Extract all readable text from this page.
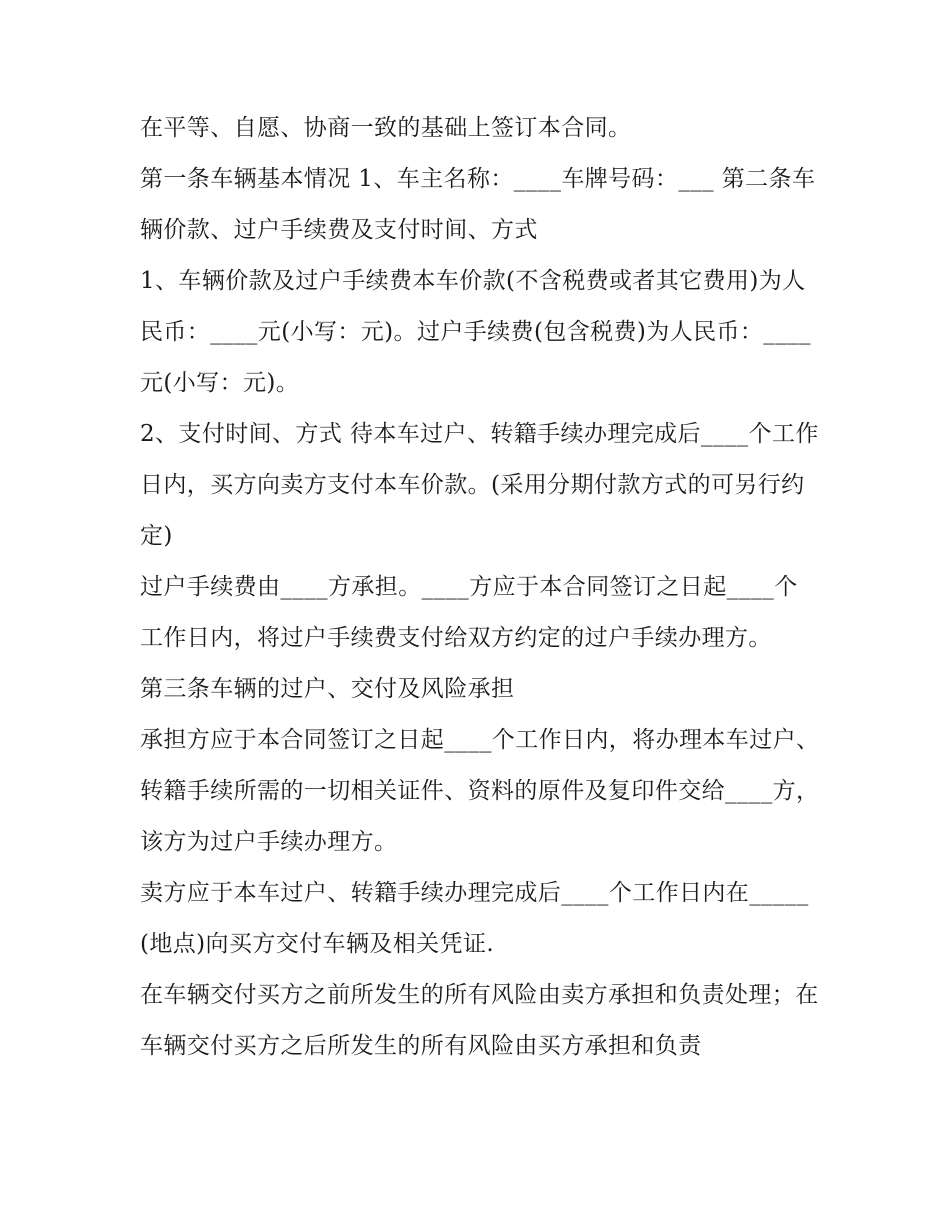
在平等、自愿、协商一致的基础上签订本合同。

第一条车辆基本情况 1、车主名称：____车牌号码：___ 第二条车辆价款、过户手续费及支付时间、方式

1、车辆价款及过户手续费本车价款(不含税费或者其它费用)为人民币：____元(小写：元)。过户手续费(包含税费)为人民币：____元(小写：元)。

2、支付时间、方式 待本车过户、转籍手续办理完成后____个工作日内，买方向卖方支付本车价款。(采用分期付款方式的可另行约定)

过户手续费由____方承担。____方应于本合同签订之日起____个工作日内，将过户手续费支付给双方约定的过户手续办理方。

第三条车辆的过户、交付及风险承担

承担方应于本合同签订之日起____个工作日内，将办理本车过户、转籍手续所需的一切相关证件、资料的原件及复印件交给____方，该方为过户手续办理方。

卖方应于本车过户、转籍手续办理完成后____个工作日内在_____(地点)向买方交付车辆及相关凭证.

在车辆交付买方之前所发生的所有风险由卖方承担和负责处理；在车辆交付买方之后所发生的所有风险由买方承担和负责
